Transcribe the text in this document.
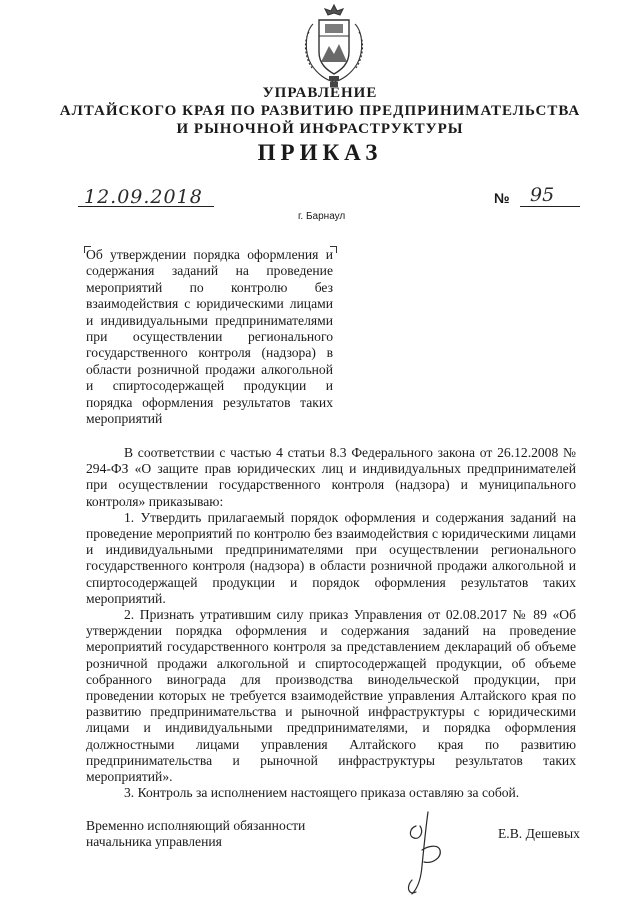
УПРАВЛЕНИЕ
АЛТАЙСКОГО КРАЯ ПО РАЗВИТИЮ ПРЕДПРИНИМАТЕЛЬСТВА
И РЫНОЧНОЙ ИНФРАСТРУКТУРЫ
ПРИКАЗ
12.09.2018	№ 95
г. Барнаул
Об утверждении порядка оформления и содержания заданий на проведение мероприятий по контролю без взаимодействия с юридическими лицами и индивидуальными предпринимателями при осуществлении регионального государственного контроля (надзора) в области розничной продажи алкогольной и спиртосодержащей продукции и порядка оформления результатов таких мероприятий

В соответствии с частью 4 статьи 8.3 Федерального закона от 26.12.2008 № 294-ФЗ «О защите прав юридических лиц и индивидуальных предпринимателей при осуществлении государственного контроля (надзора) и муниципального контроля» приказываю:

1. Утвердить прилагаемый порядок оформления и содержания заданий на проведение мероприятий по контролю без взаимодействия с юридическими лицами и индивидуальными предпринимателями при осуществлении регионального государственного контроля (надзора) в области розничной продажи алкогольной и спиртосодержащей продукции и порядок оформления результатов таких мероприятий.

2. Признать утратившим силу приказ Управления от 02.08.2017 № 89 «Об утверждении порядка оформления и содержания заданий на проведение мероприятий государственного контроля за представлением деклараций об объеме розничной продажи алкогольной и спиртосодержащей продукции, об объеме собранного винограда для производства винодельческой продукции, при проведении которых не требуется взаимодействие управления Алтайского края по развитию предпринимательства и рыночной инфраструктуры с юридическими лицами и индивидуальными предпринимателями, и порядка оформления должностными лицами управления Алтайского края по развитию предпринимательства и рыночной инфраструктуры результатов таких мероприятий».

3. Контроль за исполнением настоящего приказа оставляю за собой.

Временно исполняющий обязанности
начальника управления
Е.В. Дешевых
